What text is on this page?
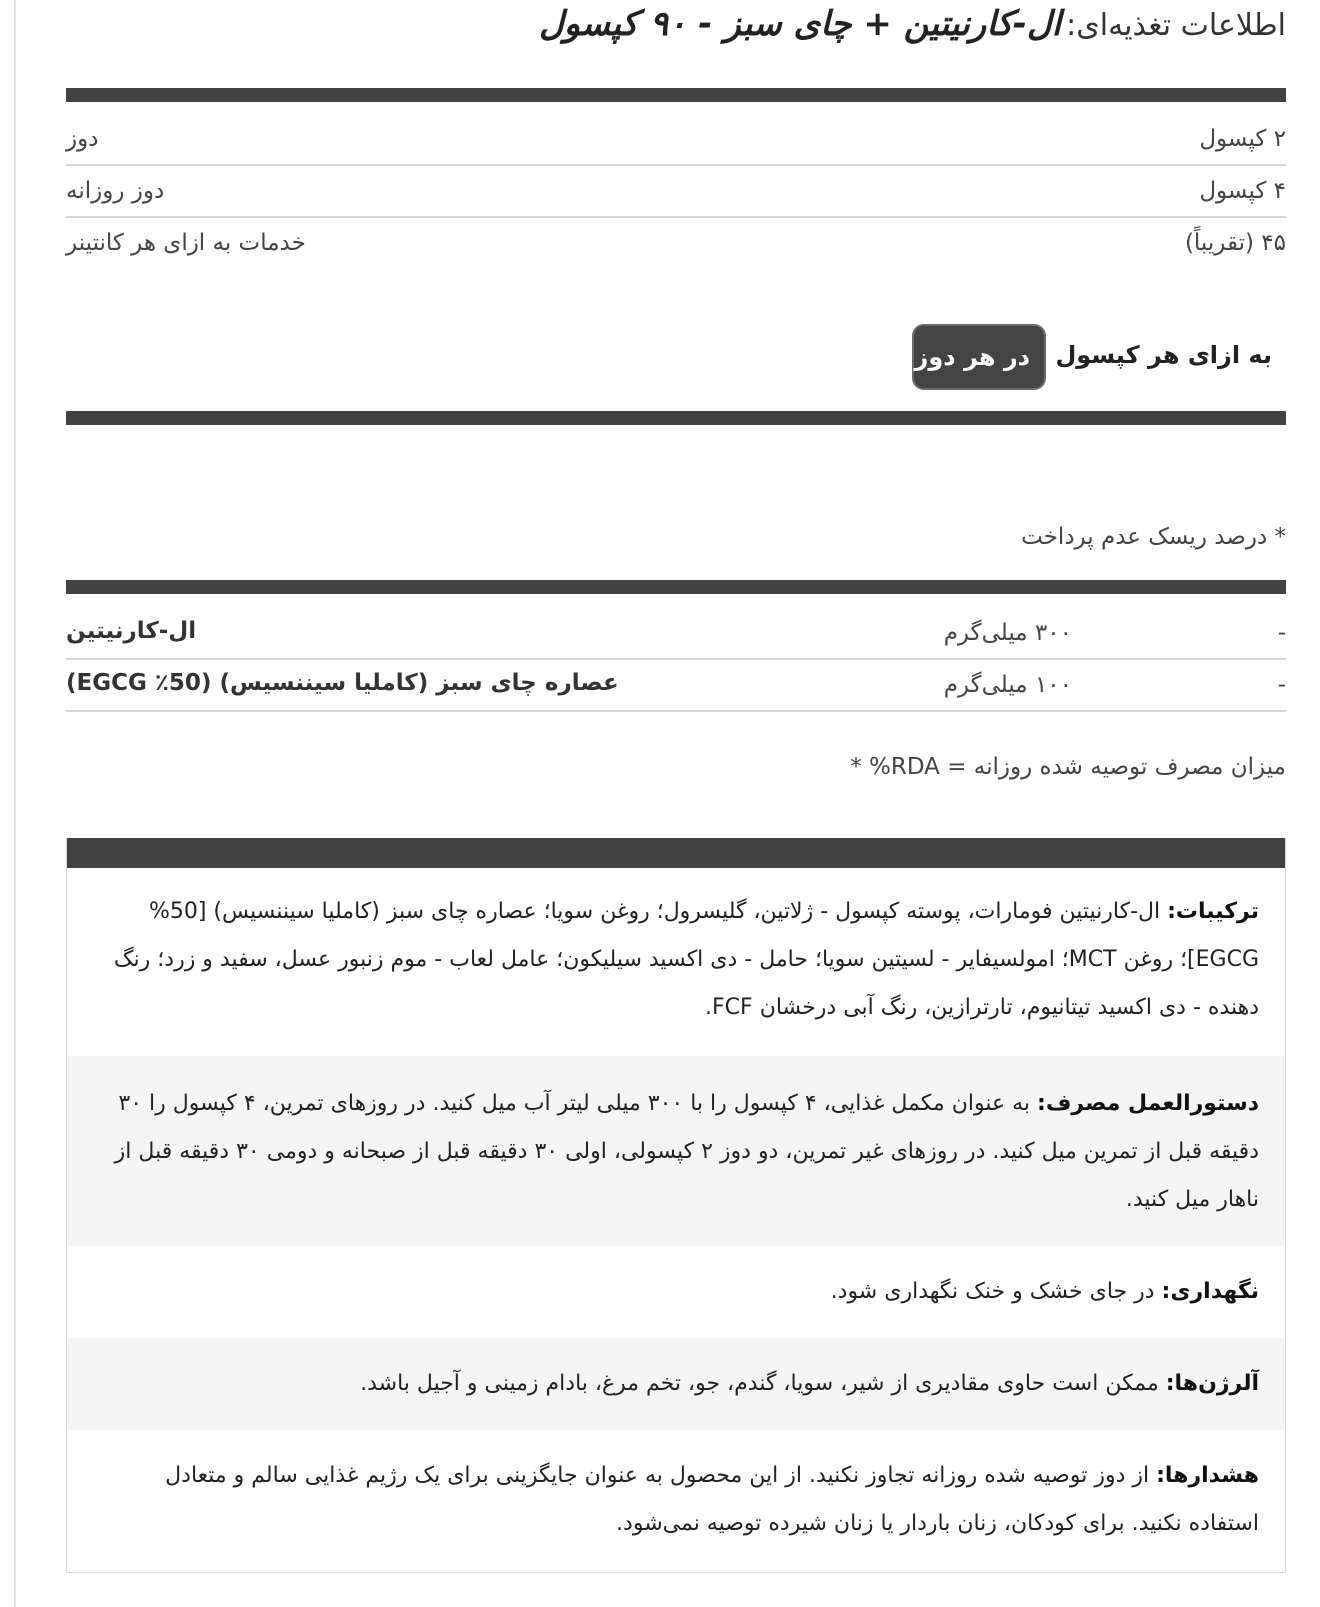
اطلاعات تغذیه‌ای: ال-کارنیتین + چای سبز - ۹۰ کپسول
۲ کپسول
دوز
۴ کپسول
دوز روزانه
۴۵ (تقریباً)
خدمات به ازای هر کانتینر
به ازای هر کپسول
در هر دوز
* درصد ریسک عدم پرداخت
-
۳۰۰ میلی‌گرم
ال-کارنیتین
-
۱۰۰ میلی‌گرم
عصاره چای سبز (کاملیا سیننسیس) (50٪ EGCG)
میزان مصرف توصیه شده روزانه = RDA% *
ترکیبات: ال-کارنیتین فومارات، پوسته کپسول - ژلاتین، گلیسرول؛ روغن سویا؛ عصاره چای سبز (کاملیا سیننسیس) [50% EGCG]؛ روغن MCT؛ امولسیفایر - لسیتین سویا؛ حامل - دی اکسید سیلیکون؛ عامل لعاب - موم زنبور عسل، سفید و زرد؛ رنگ دهنده - دی اکسید تیتانیوم، تارترازین، رنگ آبی درخشان FCF.
دستورالعمل مصرف: به عنوان مکمل غذایی، ۴ کپسول را با ۳۰۰ میلی لیتر آب میل کنید. در روزهای تمرین، ۴ کپسول را ۳۰ دقیقه قبل از تمرین میل کنید. در روزهای غیر تمرین، دو دوز ۲ کپسولی، اولی ۳۰ دقیقه قبل از صبحانه و دومی ۳۰ دقیقه قبل از ناهار میل کنید.
نگهداری: در جای خشک و خنک نگهداری شود.
آلرژن‌ها: ممکن است حاوی مقادیری از شیر، سویا، گندم، جو، تخم مرغ، بادام زمینی و آجیل باشد.
هشدارها: از دوز توصیه شده روزانه تجاوز نکنید. از این محصول به عنوان جایگزینی برای یک رژیم غذایی سالم و متعادل استفاده نکنید. برای کودکان، زنان باردار یا زنان شیرده توصیه نمی‌شود.
